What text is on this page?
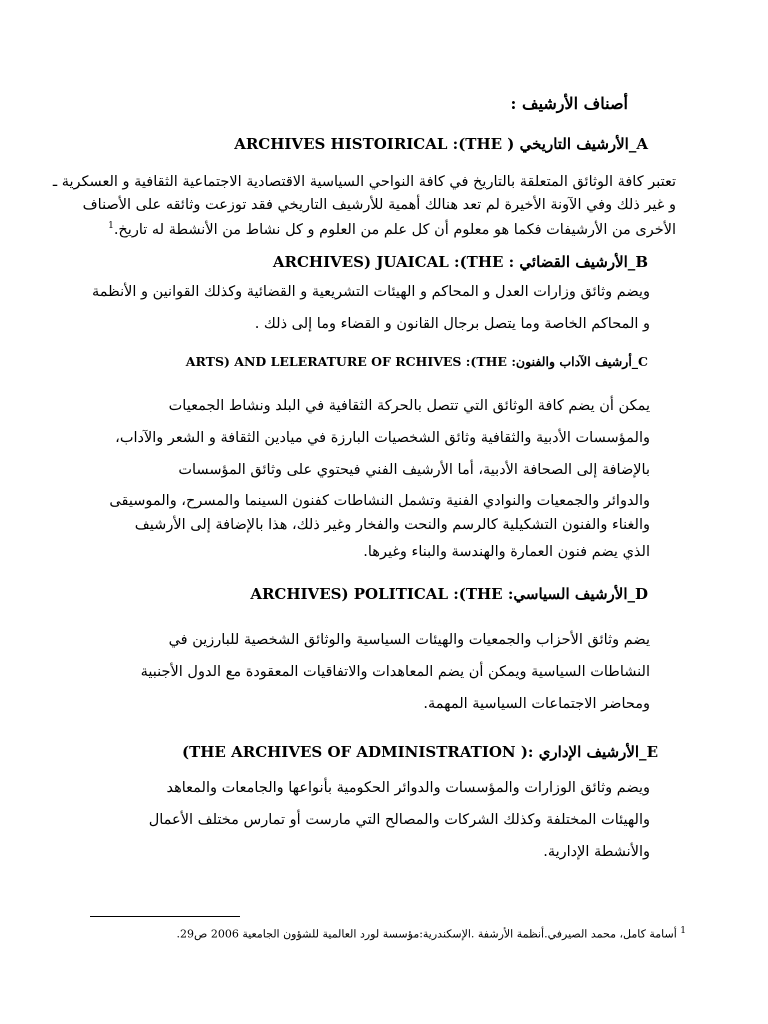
أصناف الأرشيف :
A_الأرشيف التاريخي ( ARCHIVES HISTOIRICAL :(THE
تعتبر كافة الوثائق المتعلقة بالتاريخ في كافة النواحي السياسية الاقتصادية الاجتماعية الثقافية و العسكرية ـ
و غير ذلك وفي الآونة الأخيرة لم تعد هنالك أهمية للأرشيف التاريخي فقد توزعت وثائقه على الأصناف
الأخرى من الأرشيفات فكما هو معلوم أن كل علم من العلوم و كل نشاط من الأنشطة له تاريخ.$^1$
B_الأرشيف القضائي : ARCHIVES) JUAICAL :(THE
ويضم وثائق وزارات العدل و المحاكم و الهيئات التشريعية و القضائية وكذلك القوانين و الأنظمة
و المحاكم الخاصة وما يتصل برجال القانون و القضاء وما إلى ذلك .
C_أرشيف الآداب والفنون: ARTS) AND LELERATURE OF RCHIVES :(THE
يمكن أن يضم كافة الوثائق التي تتصل بالحركة الثقافية في البلد ونشاط الجمعيات
والمؤسسات الأدبية والثقافية وثائق الشخصيات البارزة في ميادين الثقافة و الشعر والآداب،
بالإضافة إلى الصحافة الأدبية، أما الأرشيف الفني فيحتوي على وثائق المؤسسات
والدوائر والجمعيات والنوادي الفنية وتشمل النشاطات كفنون السينما والمسرح، والموسيقى
والغناء والفنون التشكيلية كالرسم والنحت والفخار وغير ذلك، هذا بالإضافة إلى الأرشيف
الذي يضم فنون العمارة والهندسة والبناء وغيرها.
D_الأرشيف السياسي: ARCHIVES) POLITICAL :(THE
يضم وثائق الأحزاب والجمعيات والهيئات السياسية والوثائق الشخصية للبارزين في
النشاطات السياسية ويمكن أن يضم المعاهدات والاتفاقيات المعقودة مع الدول الأجنبية
ومحاضر الاجتماعات السياسية المهمة.
E_الأرشيف الإداري :( THE ARCHIVES OF ADMINISTRATION)
ويضم وثائق الوزارات والمؤسسات والدوائر الحكومية بأنواعها والجامعات والمعاهد
والهيئات المختلفة وكذلك الشركات والمصالح التي مارست أو تمارس مختلف الأعمال
والأنشطة الإدارية.
$^1$ أسامة كامل، محمد الصيرفي.أنظمة الأرشفة .الإسكندرية:مؤسسة لورد العالمية للشؤون الجامعية 2006 ص29.
